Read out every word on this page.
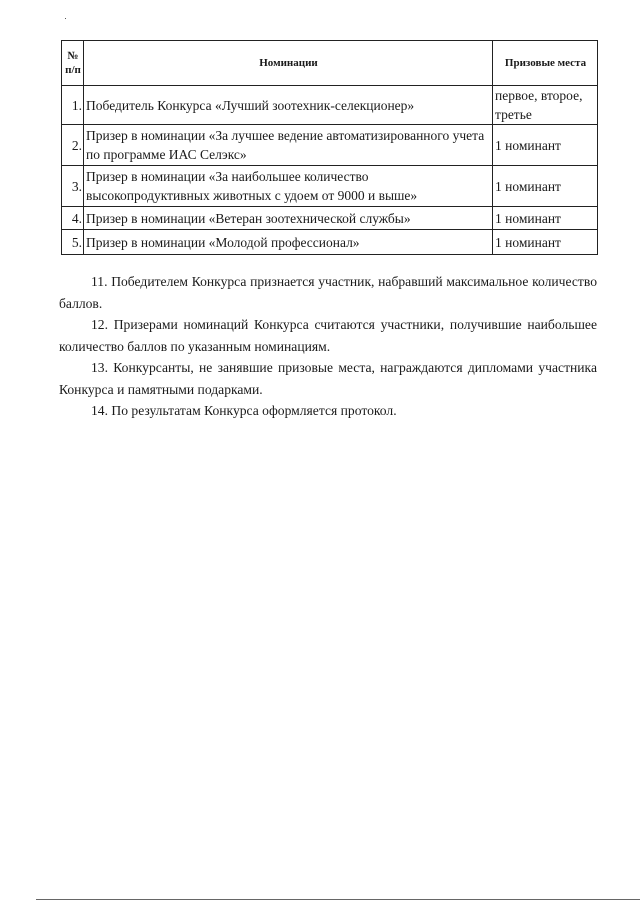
№ п/п	Номинации	Призовые места
1.	Победитель Конкурса «Лучший зоотехник-селекционер»	первое, второе, третье
2.	Призер в номинации «За лучшее ведение автоматизированного учета по программе ИАС Селэкс»	1 номинант
3.	Призер в номинации «За наибольшее количество высокопродуктивных животных с удоем от 9000 и выше»	1 номинант
4.	Призер в номинации «Ветеран зоотехнической службы»	1 номинант
5.	Призер в номинации «Молодой профессионал»	1 номинант

11. Победителем Конкурса признается участник, набравший максимальное количество баллов.

12. Призерами номинаций Конкурса считаются участники, получившие наибольшее количество баллов по указанным номинациям.

13. Конкурсанты, не занявшие призовые места, награждаются дипломами участника Конкурса и памятными подарками.

14. По результатам Конкурса оформляется протокол.
